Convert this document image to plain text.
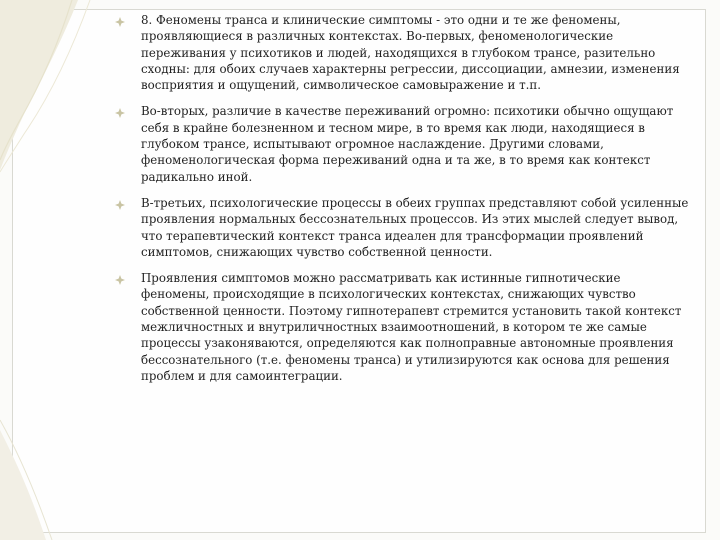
8. Феномены транса и клинические симптомы - это одни и те же феномены, проявляющиеся в различных контекстах. Во-первых, феноменологические переживания у психотиков и людей, находящихся в глубоком трансе, разительно сходны: для обоих случаев характерны регрессии, диссоциации, амнезии, изменения восприятия и ощущений, символическое самовыражение и т.п.
Во-вторых, различие в качестве переживаний огромно: психотики обычно ощущают себя в крайне болезненном и тесном мире, в то время как люди, находящиеся в глубоком трансе, испытывают огромное наслаждение. Другими словами, феноменологическая форма переживаний одна и та же, в то время как контекст радикально иной.
В-третьих, психологические процессы в обеих группах представляют собой усиленные проявления нормальных бессознательных процессов. Из этих мыслей следует вывод, что терапевтический контекст транса идеален для трансформации проявлений симптомов, снижающих чувство собственной ценности.
Проявления симптомов можно рассматривать как истинные гипнотические феномены, происходящие в психологических контекстах, снижающих чувство собственной ценности. Поэтому гипнотерапевт стремится установить такой контекст межличностных и внутриличностных взаимоотношений, в котором те же самые процессы узаконяваются, определяются как полноправные автономные проявления бессознательного (т.е. феномены транса) и утилизируются как основа для решения проблем и для самоинтеграции.
